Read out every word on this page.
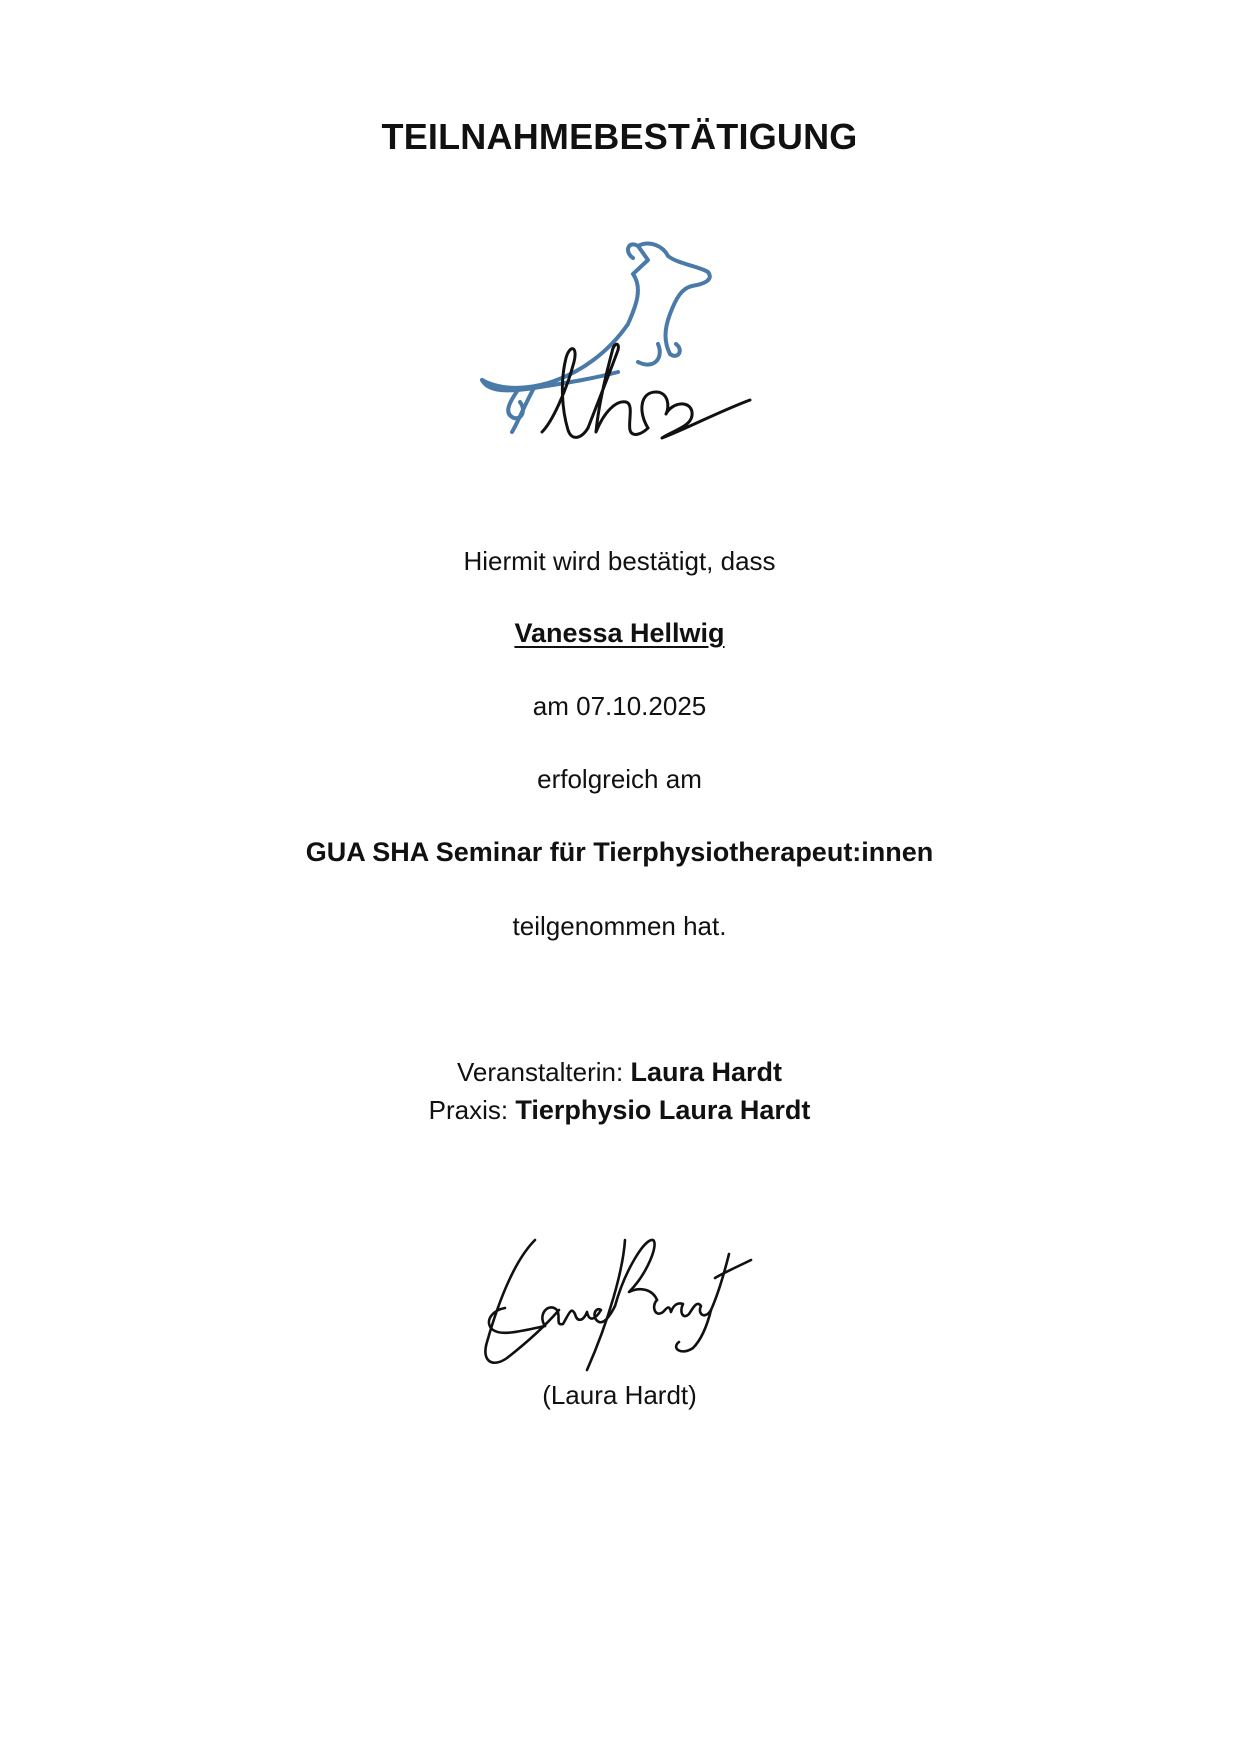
TEILNAHMEBESTÄTIGUNG
Hiermit wird bestätigt, dass
Vanessa Hellwig
am 07.10.2025
erfolgreich am
GUA SHA Seminar für Tierphysiotherapeut:innen
teilgenommen hat.
Veranstalterin: Laura Hardt
Praxis: Tierphysio Laura Hardt
(Laura Hardt)
